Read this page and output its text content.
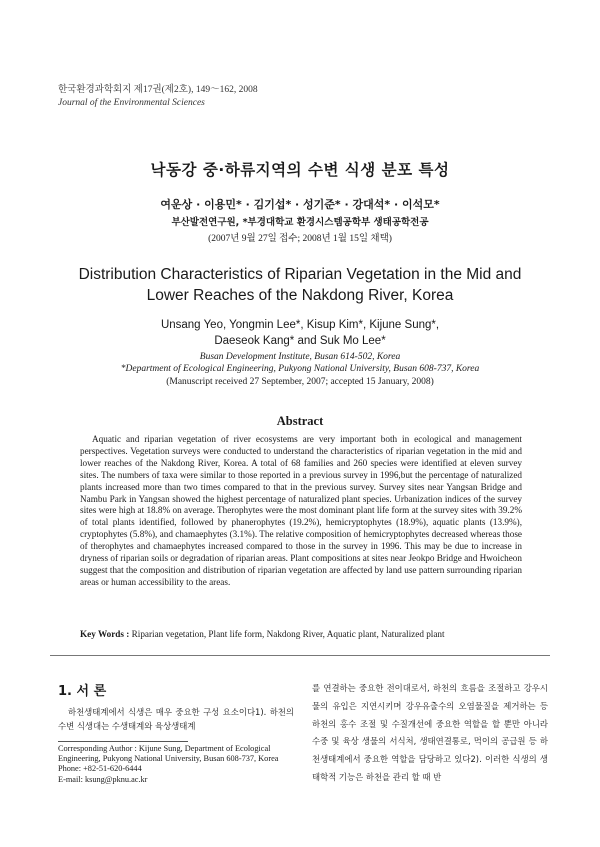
한국환경과학회지 제17권(제2호), 149～162, 2008
Journal of the Environmental Sciences
낙동강 중·하류지역의 수변 식생 분포 특성
여운상 · 이용민* · 김기섭* · 성기준* · 강대석* · 이석모*
부산발전연구원, *부경대학교 환경시스템공학부 생태공학전공
(2007년 9월 27일 접수; 2008년 1월 15일 채택)
Distribution Characteristics of Riparian Vegetation in the Mid and Lower Reaches of the Nakdong River, Korea
Unsang Yeo, Yongmin Lee*, Kisup Kim*, Kijune Sung*,
Daeseok Kang* and Suk Mo Lee*
Busan Development Institute, Busan 614-502, Korea
*Department of Ecological Engineering, Pukyong National University, Busan 608-737, Korea
(Manuscript received 27 September, 2007; accepted 15 January, 2008)
Abstract
Aquatic and riparian vegetation of river ecosystems are very important both in ecological and management perspectives. Vegetation surveys were conducted to understand the characteristics of riparian vegetation in the mid and lower reaches of the Nakdong River, Korea. A total of 68 families and 260 species were identified at eleven survey sites. The numbers of taxa were similar to those reported in a previous survey in 1996,but the percentage of naturalized plants increased more than two times compared to that in the previous survey. Survey sites near Yangsan Bridge and Nambu Park in Yangsan showed the highest percentage of naturalized plant species. Urbanization indices of the survey sites were high at 18.8% on average. Therophytes were the most dominant plant life form at the survey sites with 39.2% of total plants identified, followed by phanerophytes (19.2%), hemicryptophytes (18.9%), aquatic plants (13.9%), cryptophytes (5.8%), and chamaephytes (3.1%). The relative composition of hemicryptophytes decreased whereas those of therophytes and chamaephytes increased compared to those in the survey in 1996. This may be due to increase in dryness of riparian soils or degradation of riparian areas. Plant compositions at sites near Jeokpo Bridge and Hwoicheon suggest that the composition and distribution of riparian vegetation are affected by land use pattern surrounding riparian areas or human accessibility to the areas.
Key Words : Riparian vegetation, Plant life form, Nakdong River, Aquatic plant, Naturalized plant
1. 서 론
하천생태계에서 식생은 매우 중요한 구성 요소이다1). 하천의 수변 식생대는 수생태계와 육상생태계
Corresponding Author : Kijune Sung, Department of Ecological Engineering, Pukyong National University, Busan 608-737, Korea
Phone: +82-51-620-6444
E-mail: ksung@pknu.ac.kr
를 연결하는 중요한 전이대로서, 하천의 흐름을 조절하고 강우시 물의 유입은 지연시키며 강우유출수의 오염물질을 제거하는 등 하천의 홍수 조절 및 수질개선에 중요한 역할을 할 뿐만 아니라 수중 및 육상 생물의 서식처, 생태연결통로, 먹이의 공급원 등 하천생태계에서 중요한 역할을 담당하고 있다2). 이러한 식생의 생태학적 기능은 하천을 관리 할 때 반
